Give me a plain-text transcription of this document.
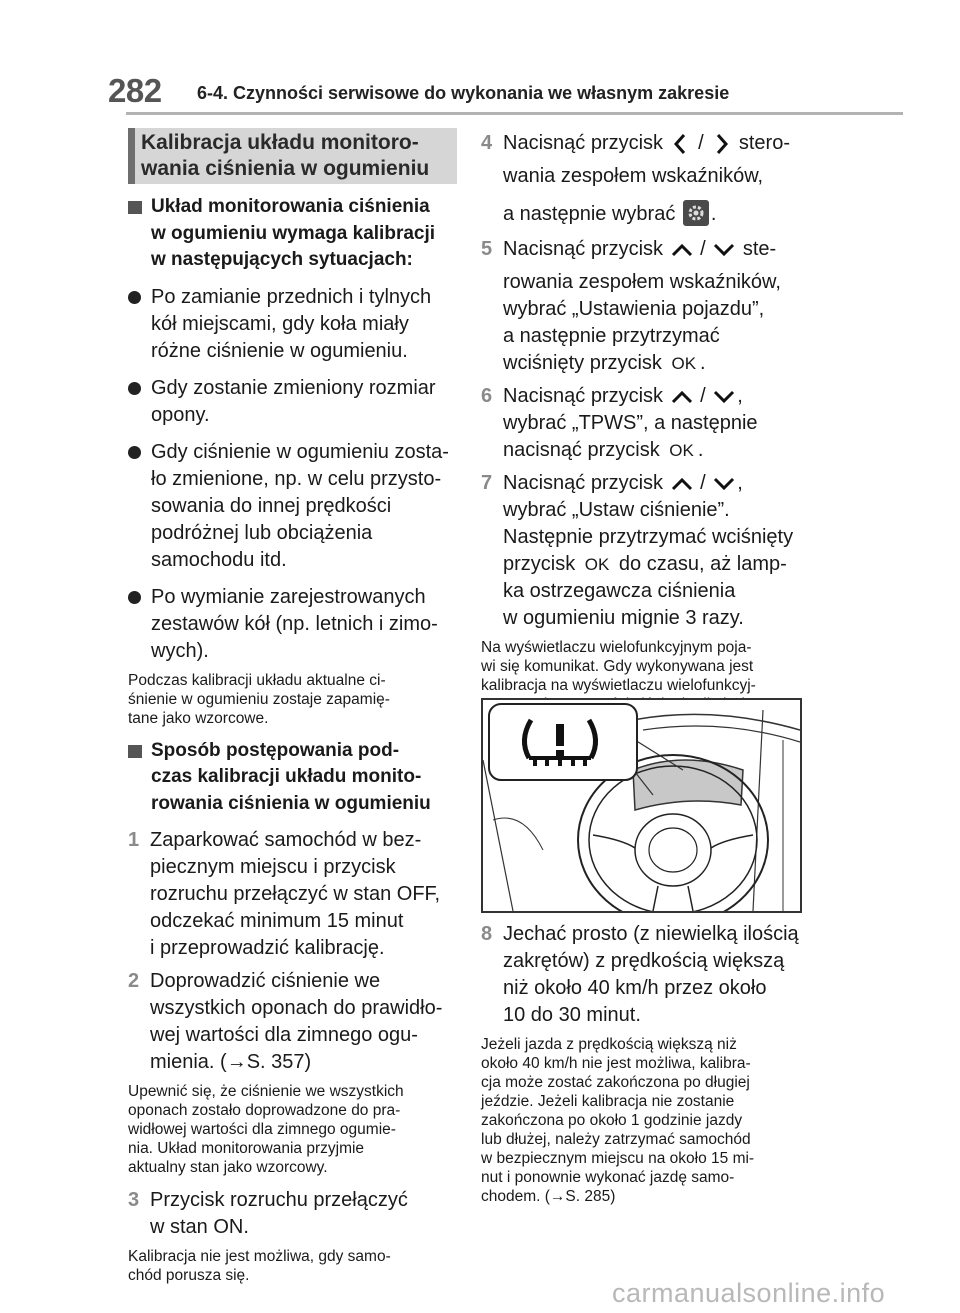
282 6-4. Czynności serwisowe do wykonania we własnym zakresie
Kalibracja układu monitoro-
wania ciśnienia w ogumieniu
Układ monitorowania ciśnienia
w ogumieniu wymaga kalibracji
w następujących sytuacjach:
Po zamianie przednich i tylnych
kół miejscami, gdy koła miały
różne ciśnienie w ogumieniu.
Gdy zostanie zmieniony rozmiar
opony.
Gdy ciśnienie w ogumieniu zosta-
ło zmienione, np. w celu przysto-
sowania do innej prędkości
podróżnej lub obciążenia
samochodu itd.
Po wymianie zarejestrowanych
zestawów kół (np. letnich i zimo-
wych).
Podczas kalibracji układu aktualne ci-
śnienie w ogumieniu zostaje zapamię-
tane jako wzorcowe.
Sposób postępowania pod-
czas kalibracji układu monito-
rowania ciśnienia w ogumieniu
1 Zaparkować samochód w bez-
piecznym miejscu i przycisk
rozruchu przełączyć w stan OFF,
odczekać minimum 15 minut
i przeprowadzić kalibrację.
2 Doprowadzić ciśnienie we
wszystkich oponach do prawidło-
wej wartości dla zimnego ogu-
mienia. (→S. 357)
Upewnić się, że ciśnienie we wszystkich
oponach zostało doprowadzone do pra-
widłowej wartości dla zimnego ogumie-
nia. Układ monitorowania przyjmie
aktualny stan jako wzorcowy.
3 Przycisk rozruchu przełączyć
w stan ON.
Kalibracja nie jest możliwa, gdy samo-
chód porusza się.
4 Nacisnąć przycisk / stero-
wania zespołem wskaźników,
a następnie wybrać .
5 Nacisnąć przycisk / ste-
rowania zespołem wskaźników,
wybrać „Ustawienia pojazdu”,
a następnie przytrzymać
wciśnięty przycisk OK .
6 Nacisnąć przycisk / ,
wybrać „TPWS”, a następnie
nacisnąć przycisk OK .
7 Nacisnąć przycisk / ,
wybrać „Ustaw ciśnienie”.
Następnie przytrzymać wciśnięty
przycisk OK do czasu, aż lamp-
ka ostrzegawcza ciśnienia
w ogumieniu mignie 3 razy.
Na wyświetlaczu wielofunkcyjnym poja-
wi się komunikat. Gdy wykonywana jest
kalibracja na wyświetlaczu wielofunkcyj-
8 Jechać prosto (z niewielką ilością
zakrętów) z prędkością większą
niż około 40 km/h przez około
10 do 30 minut.
Jeżeli jazda z prędkością większą niż
około 40 km/h nie jest możliwa, kalibra-
cja może zostać zakończona po długiej
jeździe. Jeżeli kalibracja nie zostanie
zakończona po około 1 godzinie jazdy
lub dłużej, należy zatrzymać samochód
w bezpiecznym miejscu na około 15 mi-
nut i ponownie wykonać jazdę samo-
chodem. (→S. 285)
carmanualsonline.info
